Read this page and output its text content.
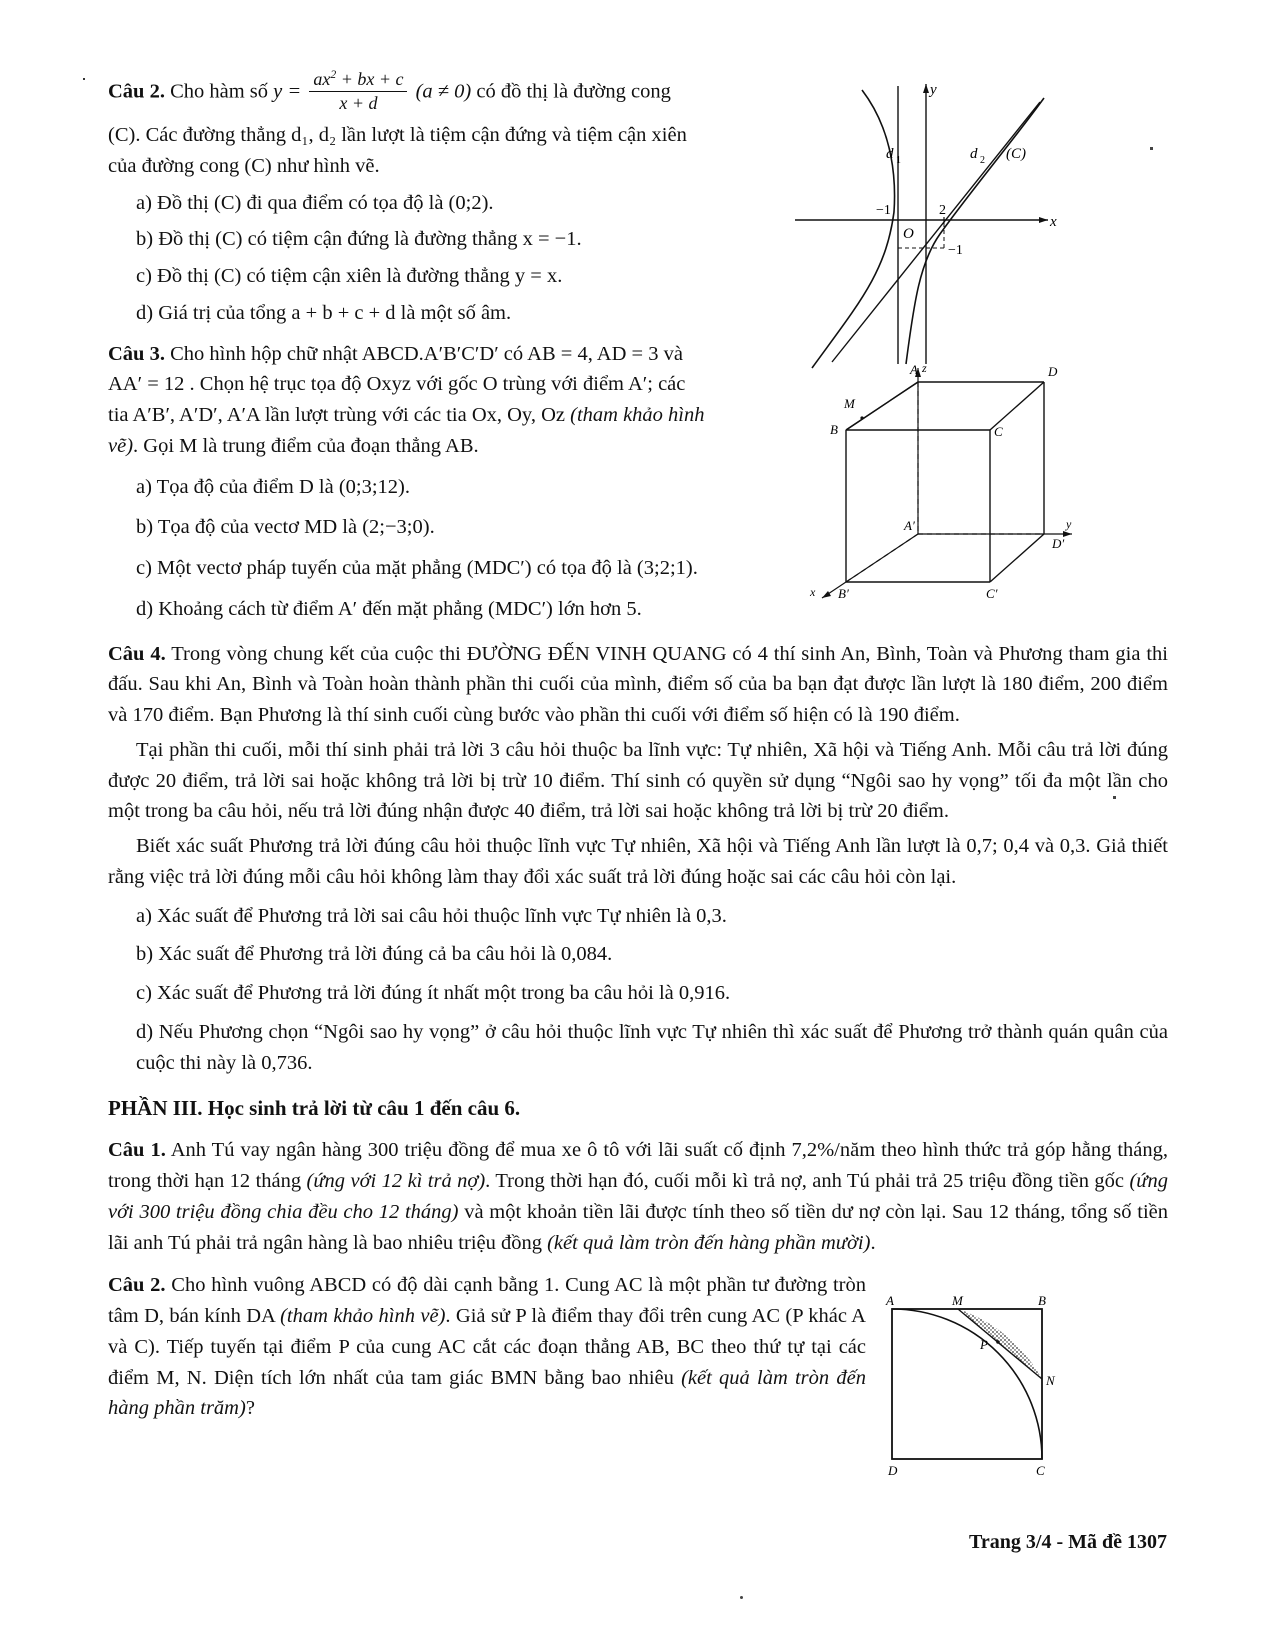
y
x
O
−1	2
−1
d 1	d 2 (C)
A	D
B	C
M
A′
D′
B′	C′
z
y
x
A	M	B
N
P
D	C
Câu 2. Cho hàm số $y = \frac{ax^2 + bx + c}{x + d} (a \ne 0)$ có đồ thị là đường cong
(C). Các đường thẳng d₁, d₂ lần lượt là tiệm cận đứng và tiệm cận xiên
của đường cong (C) như hình vẽ.
a) Đồ thị (C) đi qua điểm có tọa độ là (0;2).
b) Đồ thị (C) có tiệm cận đứng là đường thẳng x = −1.
c) Đồ thị (C) có tiệm cận xiên là đường thẳng y = x.
d) Giá trị của tổng a + b + c + d là một số âm.
Câu 3. Cho hình hộp chữ nhật ABCD.A′B′C′D′ có AB = 4, AD = 3 và
AA′ = 12 . Chọn hệ trục tọa độ Oxyz với gốc O trùng với điểm A′; các
tia A′B′, A′D′, A′A lần lượt trùng với các tia Ox, Oy, Oz (tham khảo hình
vẽ). Gọi M là trung điểm của đoạn thẳng AB.
a) Tọa độ của điểm D là (0;3;12).
b) Tọa độ của vectơ MD là (2;−3;0).
c) Một vectơ pháp tuyến của mặt phẳng (MDC′) có tọa độ là (3;2;1).
d) Khoảng cách từ điểm A′ đến mặt phẳng (MDC′) lớn hơn 5.
Câu 4. Trong vòng chung kết của cuộc thi ĐƯỜNG ĐẾN VINH QUANG có 4 thí sinh An, Bình, Toàn và Phương tham gia thi đấu. Sau khi An, Bình và Toàn hoàn thành phần thi cuối của mình, điểm số của ba bạn đạt được lần lượt là 180 điểm, 200 điểm và 170 điểm. Bạn Phương là thí sinh cuối cùng bước vào phần thi cuối với điểm số hiện có là 190 điểm.
Tại phần thi cuối, mỗi thí sinh phải trả lời 3 câu hỏi thuộc ba lĩnh vực: Tự nhiên, Xã hội và Tiếng Anh. Mỗi câu trả lời đúng được 20 điểm, trả lời sai hoặc không trả lời bị trừ 10 điểm. Thí sinh có quyền sử dụng “Ngôi sao hy vọng” tối đa một lần cho một trong ba câu hỏi, nếu trả lời đúng nhận được 40 điểm, trả lời sai hoặc không trả lời bị trừ 20 điểm.
Biết xác suất Phương trả lời đúng câu hỏi thuộc lĩnh vực Tự nhiên, Xã hội và Tiếng Anh lần lượt là 0,7; 0,4 và 0,3. Giả thiết rằng việc trả lời đúng mỗi câu hỏi không làm thay đổi xác suất trả lời đúng hoặc sai các câu hỏi còn lại.
a) Xác suất để Phương trả lời sai câu hỏi thuộc lĩnh vực Tự nhiên là 0,3.
b) Xác suất để Phương trả lời đúng cả ba câu hỏi là 0,084.
c) Xác suất để Phương trả lời đúng ít nhất một trong ba câu hỏi là 0,916.
d) Nếu Phương chọn “Ngôi sao hy vọng” ở câu hỏi thuộc lĩnh vực Tự nhiên thì xác suất để Phương trở thành quán quân của cuộc thi này là 0,736.
PHẦN III. Học sinh trả lời từ câu 1 đến câu 6.
Câu 1. Anh Tú vay ngân hàng 300 triệu đồng để mua xe ô tô với lãi suất cố định 7,2%/năm theo hình thức trả góp hằng tháng, trong thời hạn 12 tháng (ứng với 12 kì trả nợ). Trong thời hạn đó, cuối mỗi kì trả nợ, anh Tú phải trả 25 triệu đồng tiền gốc (ứng với 300 triệu đồng chia đều cho 12 tháng) và một khoản tiền lãi được tính theo số tiền dư nợ còn lại. Sau 12 tháng, tổng số tiền lãi anh Tú phải trả ngân hàng là bao nhiêu triệu đồng (kết quả làm tròn đến hàng phần mười).
Câu 2. Cho hình vuông ABCD có độ dài cạnh bằng 1. Cung AC là một phần tư đường tròn tâm D, bán kính DA (tham khảo hình vẽ). Giả sử P là điểm thay đổi trên cung AC (P khác A và C). Tiếp tuyến tại điểm P của cung AC cắt các đoạn thẳng AB, BC theo thứ tự tại các điểm M, N. Diện tích lớn nhất của tam giác BMN bằng bao nhiêu (kết quả làm tròn đến hàng phần trăm)?
Trang 3/4 - Mã đề 1307
